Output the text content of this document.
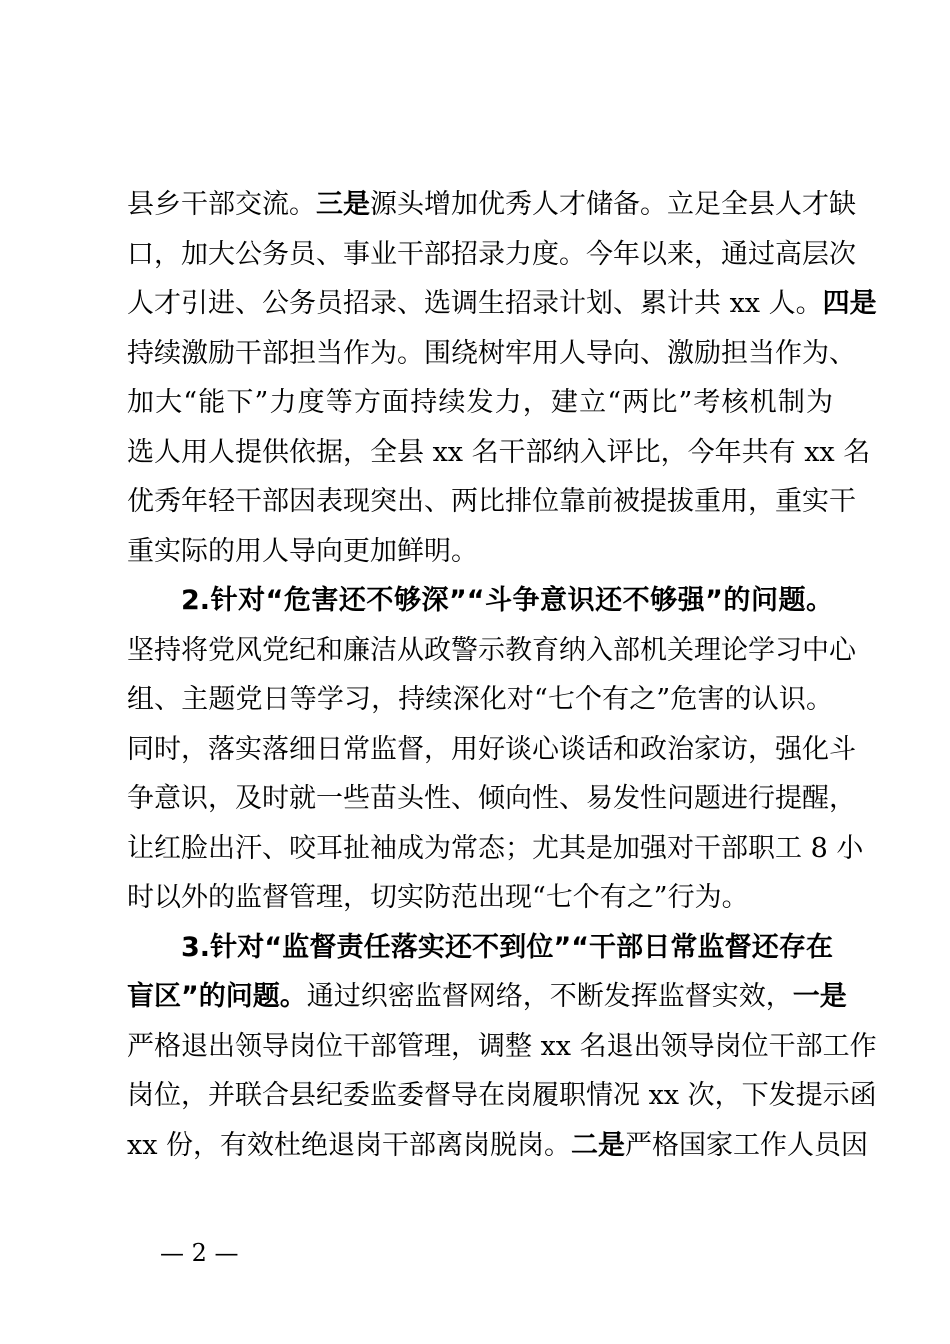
县乡干部交流。三是源头增加优秀人才储备。立足全县人才缺
口，加大公务员、事业干部招录力度。今年以来，通过高层次
人才引进、公务员招录、选调生招录计划、累计共 xx 人。四是
持续激励干部担当作为。围绕树牢用人导向、激励担当作为、
加大“能下”力度等方面持续发力，建立“两比”考核机制为
选人用人提供依据，全县 xx 名干部纳入评比，今年共有 xx 名
优秀年轻干部因表现突出、两比排位靠前被提拔重用，重实干
重实际的用人导向更加鲜明。
2.针对“危害还不够深”“斗争意识还不够强”的问题。
坚持将党风党纪和廉洁从政警示教育纳入部机关理论学习中心
组、主题党日等学习，持续深化对“七个有之”危害的认识。
同时，落实落细日常监督，用好谈心谈话和政治家访，强化斗
争意识，及时就一些苗头性、倾向性、易发性问题进行提醒，
让红脸出汗、咬耳扯袖成为常态；尤其是加强对干部职工 8 小
时以外的监督管理，切实防范出现“七个有之”行为。
3.针对“监督责任落实还不到位”“干部日常监督还存在
盲区”的问题。通过织密监督网络，不断发挥监督实效，一是
严格退出领导岗位干部管理，调整 xx 名退出领导岗位干部工作
岗位，并联合县纪委监委督导在岗履职情况 xx 次，下发提示函
xx 份，有效杜绝退岗干部离岗脱岗。二是严格国家工作人员因
— 2 —
